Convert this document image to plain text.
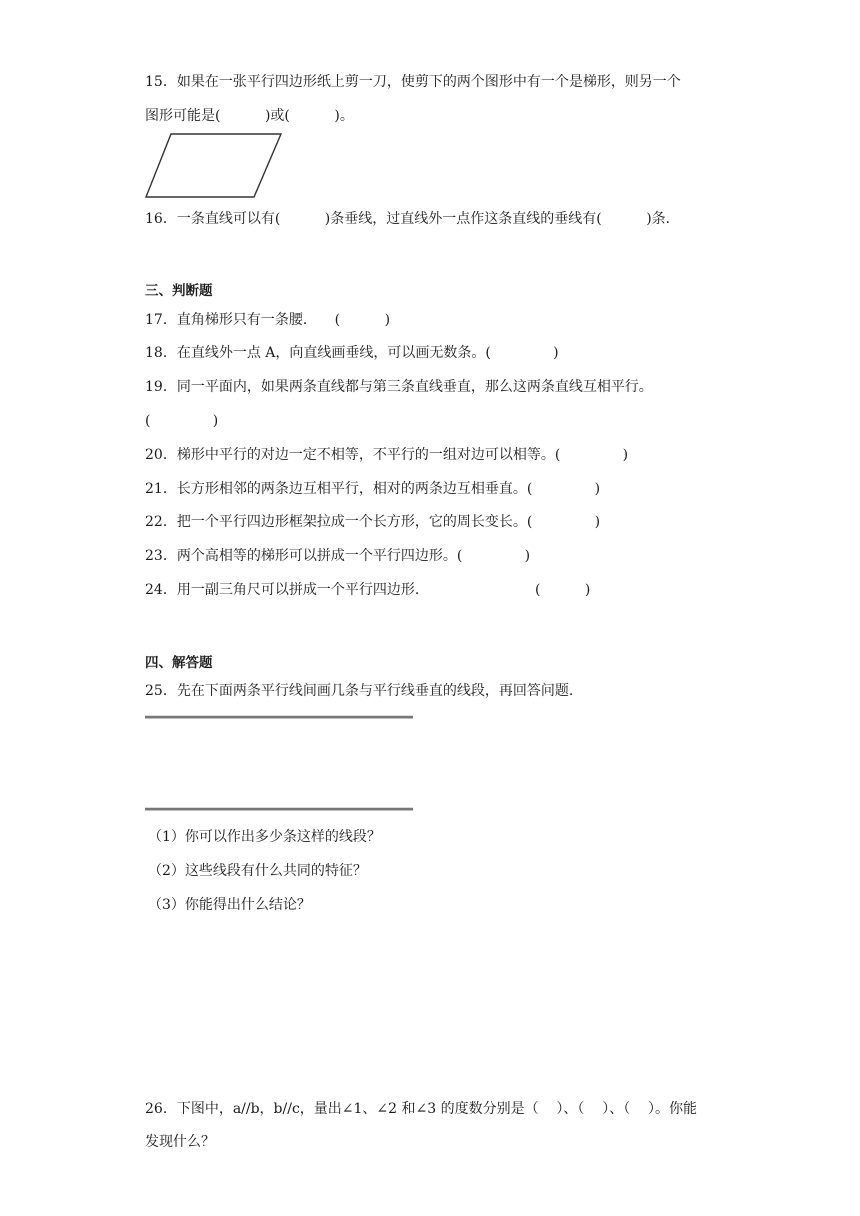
15．如果在一张平行四边形纸上剪一刀，使剪下的两个图形中有一个是梯形，则另一个
图形可能是(          )或(          )。
16．一条直线可以有(          )条垂线，过直线外一点作这条直线的垂线有(          )条．
三、判断题
17．直角梯形只有一条腰．    (          )
18．在直线外一点 A，向直线画垂线，可以画无数条。(              )
19．同一平面内，如果两条直线都与第三条直线垂直，那么这两条直线互相平行。
(              )
20．梯形中平行的对边一定不相等，不平行的一组对边可以相等。(              )
21．长方形相邻的两条边互相平行，相对的两条边互相垂直。(              )
22．把一个平行四边形框架拉成一个长方形，它的周长变长。(              )
23．两个高相等的梯形可以拼成一个平行四边形。(              )
24．用一副三角尺可以拼成一个平行四边形.                          (          )
四、解答题
25．先在下面两条平行线间画几条与平行线垂直的线段，再回答问题.
（1）你可以作出多少条这样的线段？
（2）这些线段有什么共同的特征？
（3）你能得出什么结论？
26．下图中，a//b，b//c，量出∠1、∠2 和∠3 的度数分别是（    ）、（    ）、（    ）。你能
发现什么？
